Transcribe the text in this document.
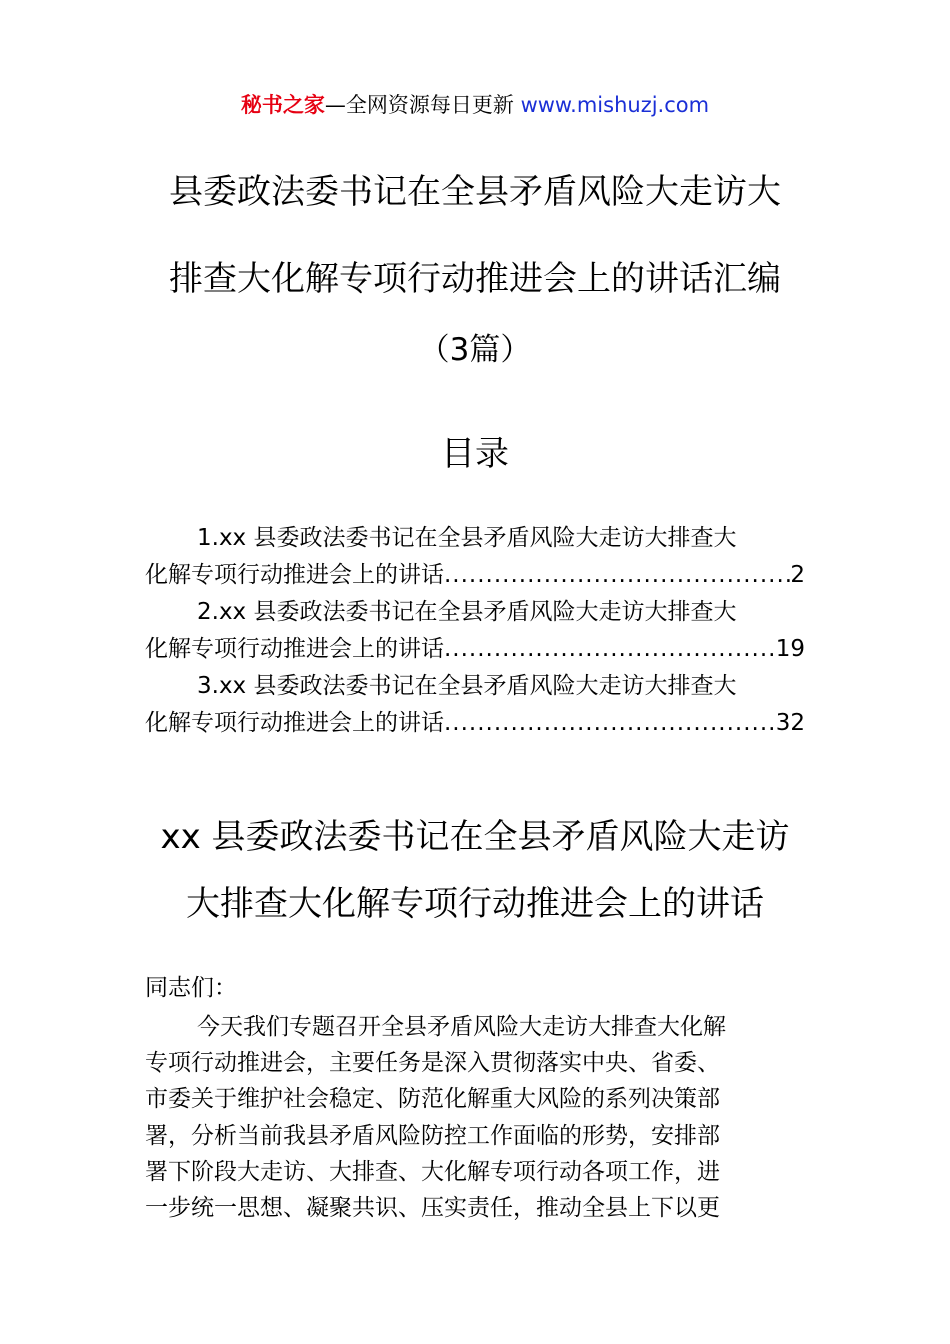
秘书之家—全网资源每日更新 www.mishuzj.com
县委政法委书记在全县矛盾风险大走访大
排查大化解专项行动推进会上的讲话汇编
（3篇）
目录
1.xx 县委政法委书记在全县矛盾风险大走访大排查大
化解专项行动推进会上的讲话 .....	2
2.xx 县委政法委书记在全县矛盾风险大走访大排查大
化解专项行动推进会上的讲话 .....	19
3.xx 县委政法委书记在全县矛盾风险大走访大排查大
化解专项行动推进会上的讲话 .....	32
xx 县委政法委书记在全县矛盾风险大走访
大排查大化解专项行动推进会上的讲话
同志们：
今天我们专题召开全县矛盾风险大走访大排查大化解
专项行动推进会，主要任务是深入贯彻落实中央、省委、
市委关于维护社会稳定、防范化解重大风险的系列决策部
署，分析当前我县矛盾风险防控工作面临的形势，安排部
署下阶段大走访、大排查、大化解专项行动各项工作，进
一步统一思想、凝聚共识、压实责任，推动全县上下以更
